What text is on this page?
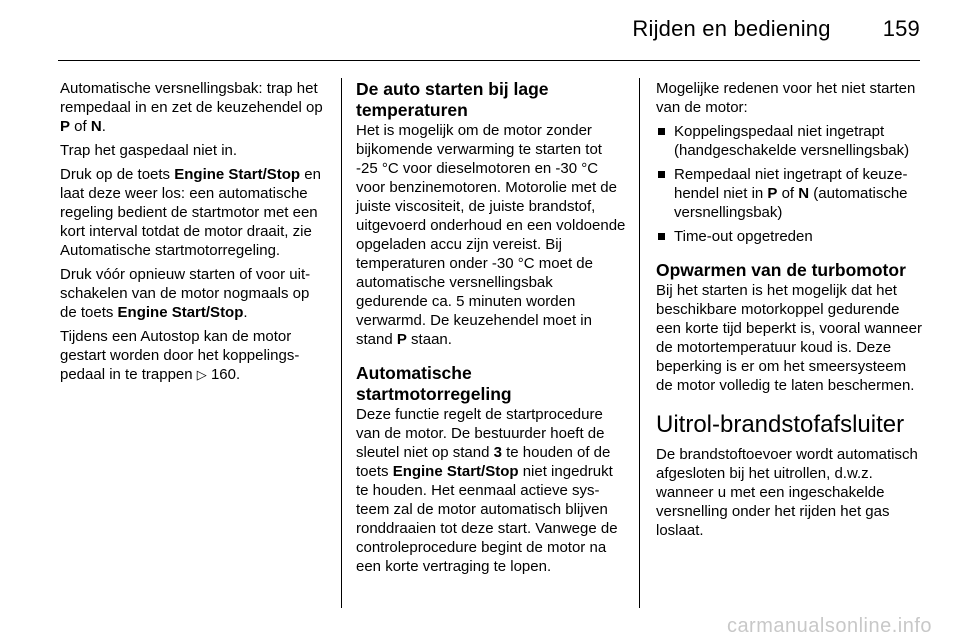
Rijden en bediening 159

Automatische versnellingsbak: trap het rempedaal in en zet de keuzehendel op P of N.

Trap het gaspedaal niet in.

Druk op de toets Engine Start/Stop en laat deze weer los: een automatische regeling bedient de startmotor met een kort interval totdat de motor draait, zie Automatische startmotorregeling.

Druk vóór opnieuw starten of voor uitschakelen van de motor nogmaals op de toets Engine Start/Stop.

Tijdens een Autostop kan de motor gestart worden door het koppelingspedaal in te trappen ▷ 160.

De auto starten bij lage temperaturen

Het is mogelijk om de motor zonder bijkomende verwarming te starten tot -25 °C voor dieselmotoren en -30 °C voor benzinemotoren. Motorolie met de juiste viscositeit, de juiste brandstof, uitgevoerd onderhoud en een voldoende opgeladen accu zijn vereist. Bij temperaturen onder -30 °C moet de automatische versnellingsbak gedurende ca. 5 minuten worden verwarmd. De keuzehendel moet in stand P staan.

Automatische startmotorregeling

Deze functie regelt de startprocedure van de motor. De bestuurder hoeft de sleutel niet op stand 3 te houden of de toets Engine Start/Stop niet ingedrukt te houden. Het eenmaal actieve systeem zal de motor automatisch blijven ronddraaien tot deze start. Vanwege de controleprocedure begint de motor na een korte vertraging te lopen.

Mogelijke redenen voor het niet starten van de motor:

Koppelingspedaal niet ingetrapt (handgeschakelde versnellingsbak)
Rempedaal niet ingetrapt of keuzehendel niet in P of N (automatische versnellingsbak)
Time-out opgetreden
Opwarmen van de turbomotor

Bij het starten is het mogelijk dat het beschikbare motorkoppel gedurende een korte tijd beperkt is, vooral wanneer de motortemperatuur koud is. Deze beperking is er om het smeersysteem de motor volledig te laten beschermen.

Uitrol-brandstofafsluiter

De brandstoftoevoer wordt automatisch afgesloten bij het uitrollen, d.w.z. wanneer u met een ingeschakelde versnelling onder het rijden het gas loslaat.

carmanualsonline.info
